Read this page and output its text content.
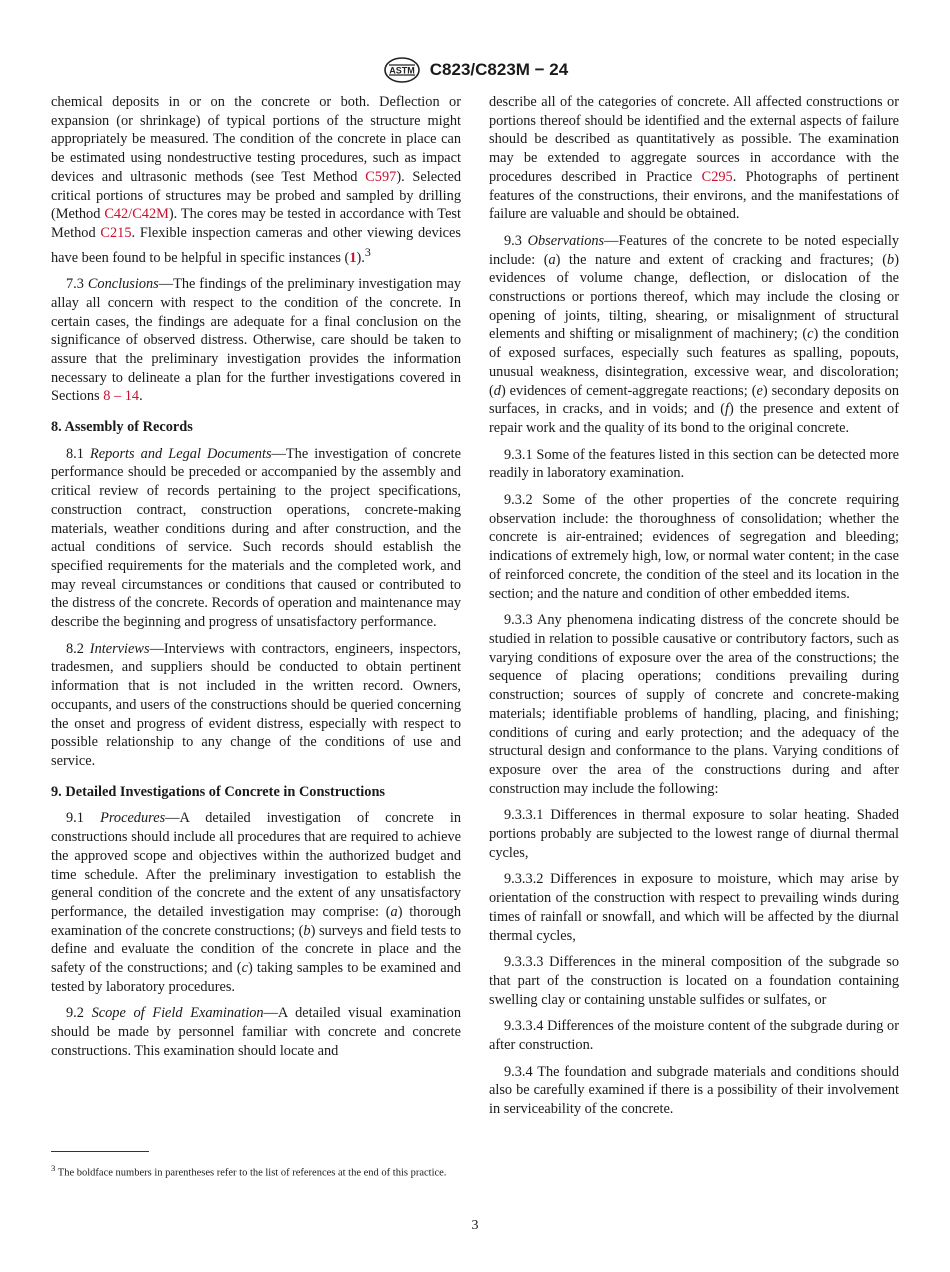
ASTM C823/C823M − 24

chemical deposits in or on the concrete or both. Deflection or expansion (or shrinkage) of typical portions of the structure might appropriately be measured. The condition of the concrete in place can be estimated using nondestructive testing procedures, such as impact devices and ultrasonic methods (see Test Method C597). Selected critical portions of structures may be probed and sampled by drilling (Method C42/C42M). The cores may be tested in accordance with Test Method C215. Flexible inspection cameras and other viewing devices have been found to be helpful in specific instances (1).$^3$

7.3 Conclusions—The findings of the preliminary investigation may allay all concern with respect to the condition of the concrete. In certain cases, the findings are adequate for a final conclusion on the significance of observed distress. Otherwise, care should be taken to assure that the preliminary investigation provides the information necessary to delineate a plan for the further investigations covered in Sections 8 – 14.

8. Assembly of Records

8.1 Reports and Legal Documents—The investigation of concrete performance should be preceded or accompanied by the assembly and critical review of records pertaining to the project specifications, construction contract, construction operations, concrete-making materials, weather conditions during and after construction, and the actual conditions of service. Such records should establish the specified requirements for the materials and the completed work, and may reveal circumstances or conditions that caused or contributed to the distress of the concrete. Records of operation and maintenance may describe the beginning and progress of unsatisfactory performance.

8.2 Interviews—Interviews with contractors, engineers, inspectors, tradesmen, and suppliers should be conducted to obtain pertinent information that is not included in the written record. Owners, occupants, and users of the constructions should be queried concerning the onset and progress of evident distress, especially with respect to possible relationship to any change of the conditions of use and service.

9. Detailed Investigations of Concrete in Constructions

9.1 Procedures—A detailed investigation of concrete in constructions should include all procedures that are required to achieve the approved scope and objectives within the authorized budget and time schedule. After the preliminary investigation to establish the general condition of the concrete and the extent of any unsatisfactory performance, the detailed investigation may comprise: (a) thorough examination of the concrete constructions; (b) surveys and field tests to define and evaluate the condition of the concrete in place and the safety of the constructions; and (c) taking samples to be examined and tested by laboratory procedures.

9.2 Scope of Field Examination—A detailed visual examination should be made by personnel familiar with concrete and concrete constructions. This examination should locate and

describe all of the categories of concrete. All affected constructions or portions thereof should be identified and the external aspects of failure should be described as quantitatively as possible. The examination may be extended to aggregate sources in accordance with the procedures described in Practice C295. Photographs of pertinent features of the constructions, their environs, and the manifestations of failure are valuable and should be obtained.

9.3 Observations—Features of the concrete to be noted especially include: (a) the nature and extent of cracking and fractures; (b) evidences of volume change, deflection, or dislocation of the constructions or portions thereof, which may include the closing or opening of joints, tilting, shearing, or misalignment of structural elements and shifting or misalignment of machinery; (c) the condition of exposed surfaces, especially such features as spalling, popouts, unusual weakness, disintegration, excessive wear, and discoloration; (d) evidences of cement-aggregate reactions; (e) secondary deposits on surfaces, in cracks, and in voids; and (f) the presence and extent of repair work and the quality of its bond to the original concrete.

9.3.1 Some of the features listed in this section can be detected more readily in laboratory examination.

9.3.2 Some of the other properties of the concrete requiring observation include: the thoroughness of consolidation; whether the concrete is air-entrained; evidences of segregation and bleeding; indications of extremely high, low, or normal water content; in the case of reinforced concrete, the condition of the steel and its location in the section; and the nature and condition of other embedded items.

9.3.3 Any phenomena indicating distress of the concrete should be studied in relation to possible causative or contributory factors, such as varying conditions of exposure over the area of the constructions; the sequence of placing operations; conditions prevailing during construction; sources of supply of concrete and concrete-making materials; identifiable problems of handling, placing, and finishing; conditions of curing and early protection; and the adequacy of the structural design and conformance to the plans. Varying conditions of exposure over the area of the constructions during and after construction may include the following:

9.3.3.1 Differences in thermal exposure to solar heating. Shaded portions probably are subjected to the lowest range of diurnal thermal cycles,

9.3.3.2 Differences in exposure to moisture, which may arise by orientation of the construction with respect to prevailing winds during times of rainfall or snowfall, and which will be affected by the diurnal thermal cycles,

9.3.3.3 Differences in the mineral composition of the subgrade so that part of the construction is located on a foundation containing swelling clay or containing unstable sulfides or sulfates, or

9.3.3.4 Differences of the moisture content of the subgrade during or after construction.

9.3.4 The foundation and subgrade materials and conditions should also be carefully examined if there is a possibility of their involvement in serviceability of the concrete.

$^3$ The boldface numbers in parentheses refer to the list of references at the end of this practice.
3
